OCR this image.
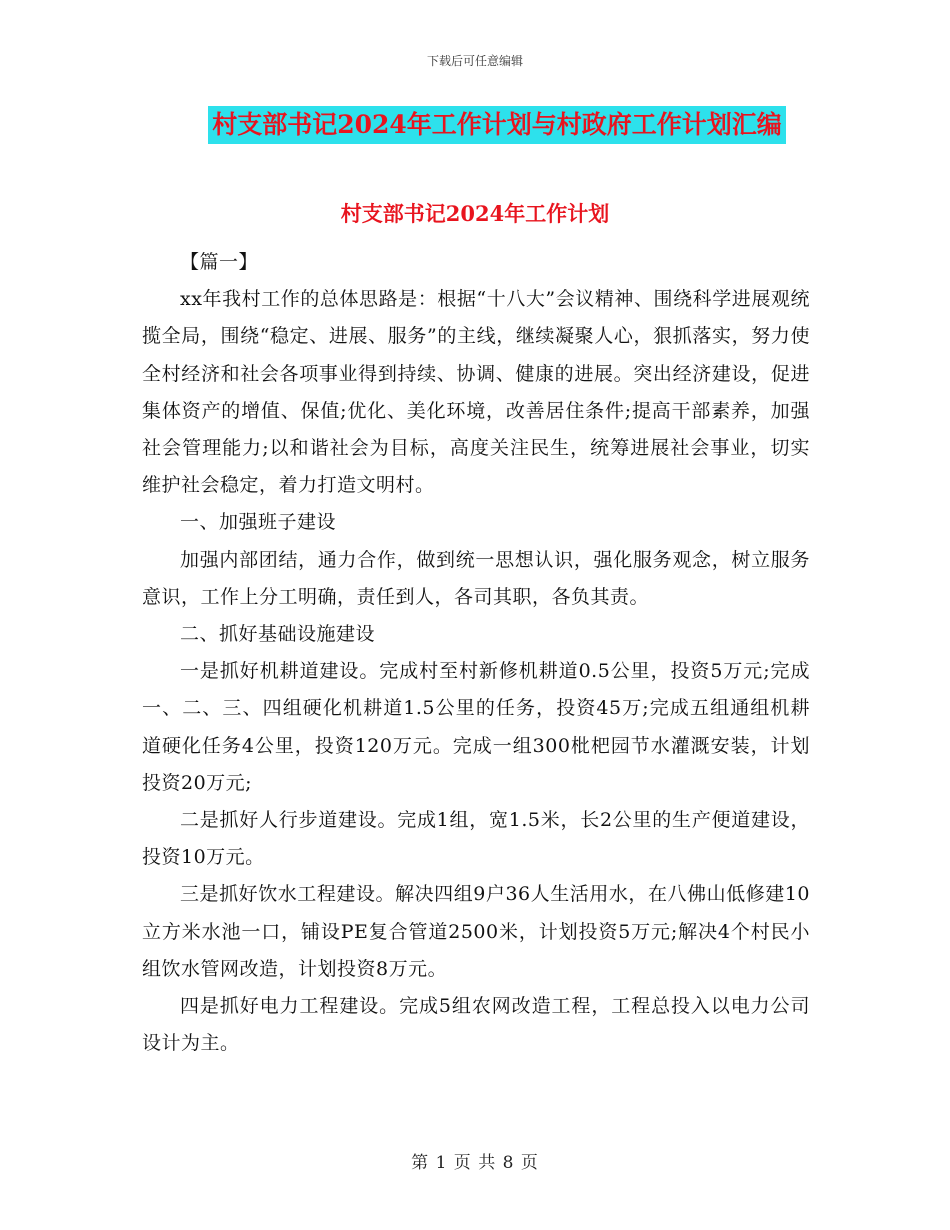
下载后可任意编辑
村支部书记2024年工作计划与村政府工作计划汇编
村支部书记2024年工作计划

【篇一】

xx年我村工作的总体思路是：根据“十八大”会议精神、围绕科学进展观统揽全局，围绕“稳定、进展、服务”的主线，继续凝聚人心，狠抓落实，努力使全村经济和社会各项事业得到持续、协调、健康的进展。突出经济建设，促进集体资产的增值、保值;优化、美化环境，改善居住条件;提高干部素养，加强社会管理能力;以和谐社会为目标，高度关注民生，统筹进展社会事业，切实维护社会稳定，着力打造文明村。

一、加强班子建设

加强内部团结，通力合作，做到统一思想认识，强化服务观念，树立服务意识，工作上分工明确，责任到人，各司其职，各负其责。

二、抓好基础设施建设

一是抓好机耕道建设。完成村至村新修机耕道0.5公里，投资5万元;完成一、二、三、四组硬化机耕道1.5公里的任务，投资45万;完成五组通组机耕道硬化任务4公里，投资120万元。完成一组300枇杷园节水灌溉安装，计划投资20万元;

二是抓好人行步道建设。完成1组，宽1.5米，长2公里的生产便道建设，投资10万元。

三是抓好饮水工程建设。解决四组9户36人生活用水，在八佛山低修建10立方米水池一口，铺设PE复合管道2500米，计划投资5万元;解决4个村民小组饮水管网改造，计划投资8万元。

四是抓好电力工程建设。完成5组农网改造工程，工程总投入以电力公司设计为主。

第 1 页 共 8 页
